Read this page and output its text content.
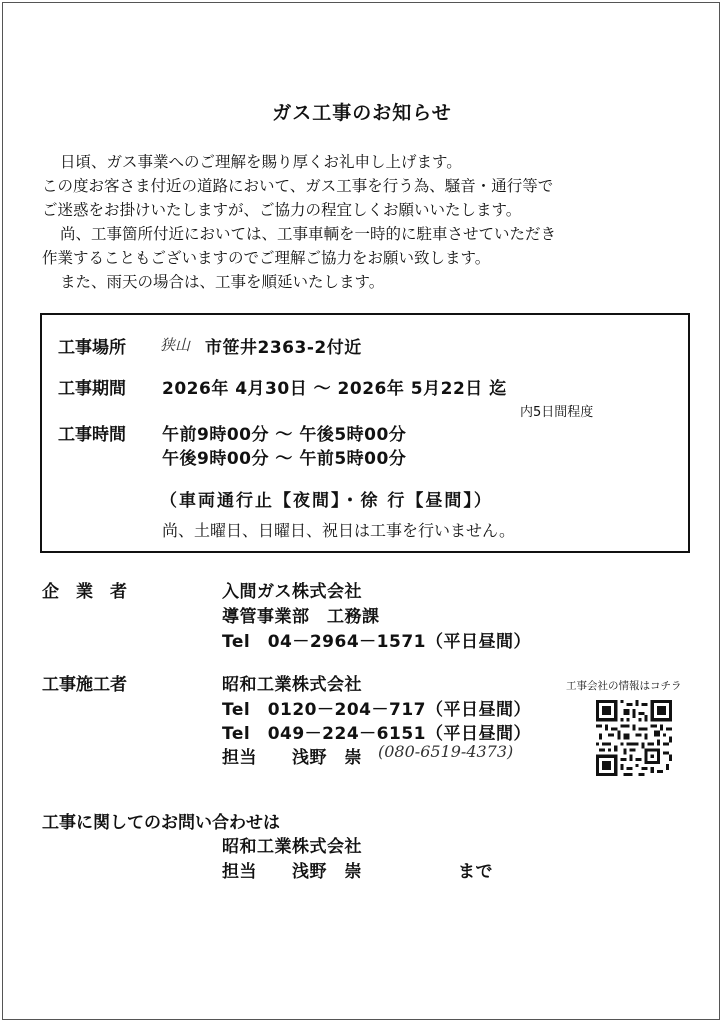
ガス工事のお知らせ
日頃、ガス事業へのご理解を賜り厚くお礼申し上げます。
この度お客さま付近の道路において、ガス工事を行う為、騒音・通行等で
ご迷惑をお掛けいたしますが、ご協力の程宜しくお願いいたします。
尚、工事箇所付近においては、工事車輌を一時的に駐車させていただき
作業することもございますのでご理解ご協力をお願い致します。
また、雨天の場合は、工事を順延いたします。
工事場所 狭山 市笹井2363-2付近
工事期間 2026年 4月30日 ～ 2026年 5月22日 迄
内5日間程度
工事時間 午前9時00分 ～ 午後5時00分
午後9時00分 ～ 午前5時00分
（車両通行止【夜間】・徐 行【昼間】）
尚、土曜日、日曜日、祝日は工事を行いません。
企　業　者	入間ガス株式会社
導管事業部　工務課
Tel　04－2964－1571（平日昼間）
工事施工者	昭和工業株式会社
Tel　0120－204－717（平日昼間）
Tel　049－224－6151（平日昼間）
担当　　浅野　崇 (080-6519-4373)
工事会社の情報はコチラ
工事に関してのお問い合わせは
昭和工業株式会社
担当　　浅野　崇	まで
